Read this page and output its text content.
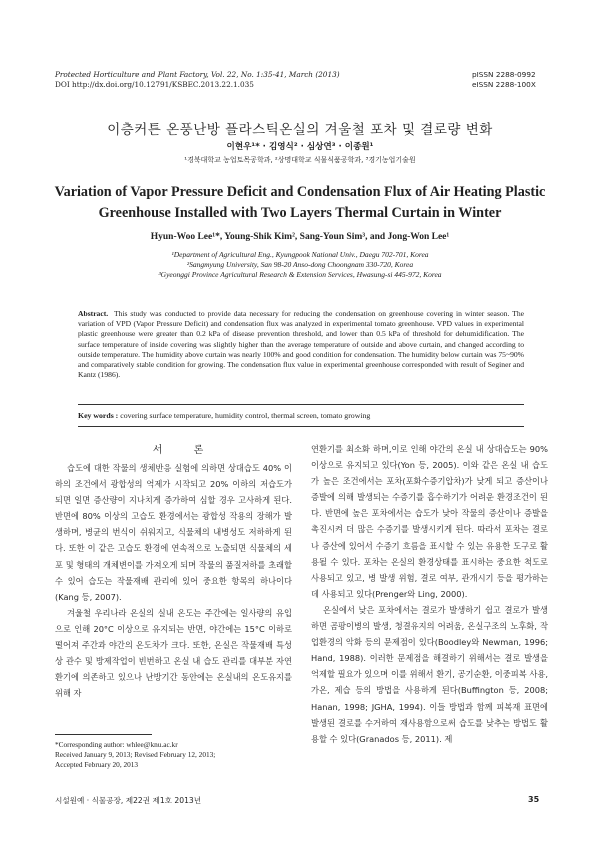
Protected Horticulture and Plant Factory, Vol. 22, No. 1:35-41, March (2013)
DOI http://dx.doi.org/10.12791/KSBEC.2013.22.1.035
pISSN 2288-0992
eISSN 2288-100X
이층커튼 온풍난방 플라스틱온실의 겨울철 포차 및 결로량 변화
이현우¹* · 김영식² · 심상연³ · 이종원¹
¹경북대학교 농업토목공학과, ²상명대학교 식물식품공학과, ³경기농업기술원
Variation of Vapor Pressure Deficit and Condensation Flux of Air Heating Plastic Greenhouse Installed with Two Layers Thermal Curtain in Winter
Hyun-Woo Lee¹*, Young-Shik Kim², Sang-Youn Sim³, and Jong-Won Lee¹
¹Department of Agricultural Eng., Kyungpook National Univ., Daegu 702-701, Korea
²Sangmyung University, San 98-20 Anso-dong Choongnam 330-720, Korea
³Gyeonggi Province Agricultural Research & Extension Services, Hwasung-si 445-972, Korea
Abstract. This study was conducted to provide data necessary for reducing the condensation on greenhouse covering in winter season. The variation of VPD (Vapor Pressure Deficit) and condensation flux was analyzed in experimental tomato greenhouse. VPD values in experimental plastic greenhouse were greater than 0.2 kPa of disease prevention threshold, and lower than 0.5 kPa of threshold for dehumidification. The surface temperature of inside covering was slightly higher than the average temperature of outside and above curtain, and changed according to outside temperature. The humidity above curtain was nearly 100% and good condition for condensation. The humidity below curtain was 75~90% and comparatively stable condition for growing. The condensation flux value in experimental greenhouse corresponded with result of Seginer and Kantz (1986).
Key words : covering surface temperature, humidity control, thermal screen, tomato growing
서 론

습도에 대한 작물의 생체반응 실험에 의하면 상대습도 40% 이하의 조건에서 광합성의 억제가 시작되고 20% 이하의 저습도가 되면 일면 증산량이 지나치게 증가하여 심할 경우 고사하게 된다. 반면에 80% 이상의 고습도 환경에서는 광합성 작용의 장해가 발생하며, 병균의 번식이 쉬워지고, 식물체의 내병성도 저하하게 된다. 또한 이 같은 고습도 환경에 연속적으로 노출되면 식물체의 세포 및 형태의 개체변이를 가져오게 되며 작물의 품질저하를 초래할 수 있어 습도는 작물재배 관리에 있어 중요한 항목의 하나이다(Kang 등, 2007).

겨울철 우리나라 온실의 실내 온도는 주간에는 일사량의 유입으로 인해 20°C 이상으로 유지되는 반면, 야간에는 15°C 이하로 떨어져 주간과 야간의 온도차가 크다. 또한, 온실은 작물재배 특성상 관수 및 방제작업이 빈번하고 온실 내 습도 관리를 대부분 자연환기에 의존하고 있으나 난방기간 동안에는 온실내의 온도유지를 위해 자

연환기를 최소화 하며,이로 인해 야간의 온실 내 상대습도는 90% 이상으로 유지되고 있다(Yon 등, 2005). 이와 같은 온실 내 습도가 높은 조건에서는 포차(포화수증기압차)가 낮게 되고 증산이나 증발에 의해 발생되는 수증기를 흡수하기가 어려운 환경조건이 된다. 반면에 높은 포차에서는 습도가 낮아 작물의 증산이나 증발을 촉진시켜 더 많은 수증기를 발생시키게 된다. 따라서 포차는 결로나 증산에 있어서 수증기 흐름을 표시할 수 있는 유용한 도구로 활용될 수 있다. 포차는 온실의 환경상태를 표시하는 중요한 척도로 사용되고 있고, 병 발생 위험, 결로 여부, 관개시기 등을 평가하는데 사용되고 있다(Prenger와 Ling, 2000).

온실에서 낮은 포차에서는 결로가 발생하기 쉽고 결로가 발생하면 곰팡이병의 발생, 청결유지의 어려움, 온실구조의 노후화, 작업환경의 악화 등의 문제점이 있다(Boodley와 Newman, 1996; Hand, 1988). 이러한 문제점을 해결하기 위해서는 결로 발생을 억제할 필요가 있으며 이를 위해서 환기, 공기순환, 이중피복 사용, 가온, 제습 등의 방법을 사용하게 된다(Buffington 등, 2008; Hanan, 1998; JGHA, 1994). 이들 방법과 함께 피복재 표면에 발생된 결로를 수거하여 재사용함으로써 습도를 낮추는 방법도 활용할 수 있다(Granados 등, 2011). 제

*Corresponding author: whlee@knu.ac.kr
Received January 9, 2013; Revised February 12, 2013;
Accepted February 20, 2013
시설원예 · 식물공장, 제22권 제1호 2013년	35
